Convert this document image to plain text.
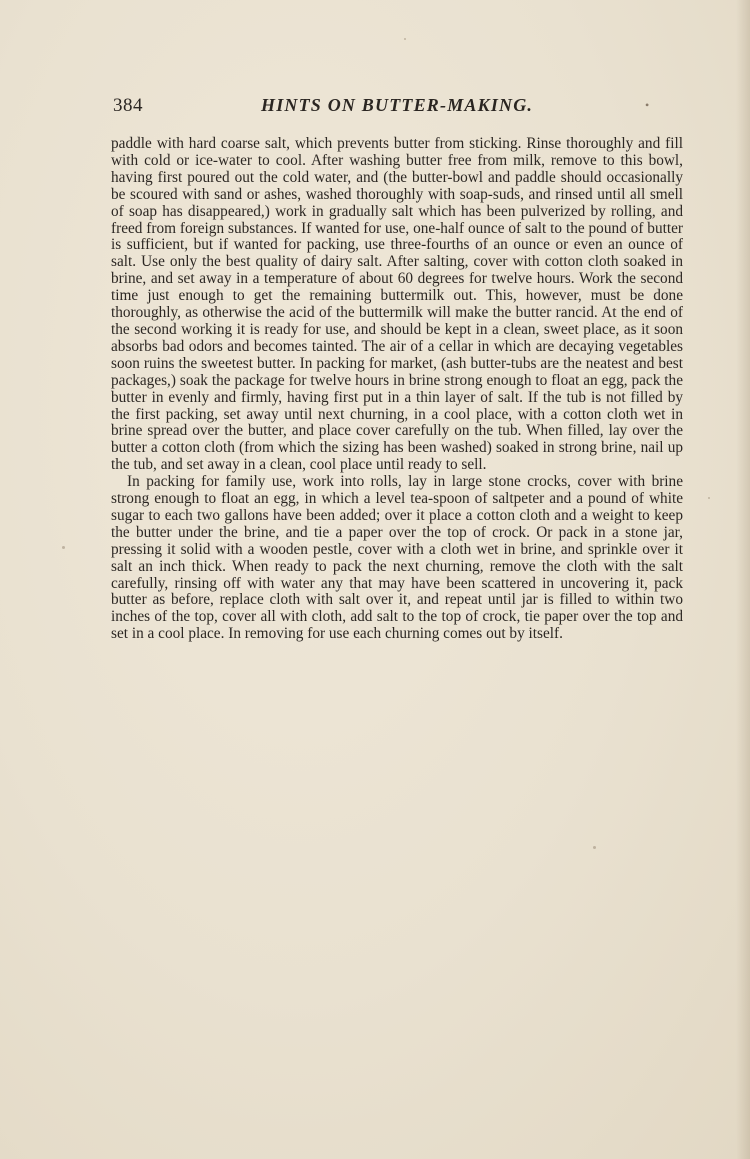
384	HINTS ON BUTTER-MAKING.	•

paddle with hard coarse salt, which prevents butter from sticking. Rinse thoroughly and fill with cold or ice-water to cool. After washing butter free from milk, remove to this bowl, having first poured out the cold water, and (the butter-bowl and paddle should occasionally be scoured with sand or ashes, washed thoroughly with soap-suds, and rinsed until all smell of soap has disappeared,) work in gradually salt which has been pulverized by rolling, and freed from foreign substances. If wanted for use, one-half ounce of salt to the pound of butter is sufficient, but if wanted for packing, use three-fourths of an ounce or even an ounce of salt. Use only the best quality of dairy salt. After salting, cover with cotton cloth soaked in brine, and set away in a temperature of about 60 degrees for twelve hours. Work the second time just enough to get the remaining buttermilk out. This, however, must be done thoroughly, as otherwise the acid of the buttermilk will make the butter rancid. At the end of the second working it is ready for use, and should be kept in a clean, sweet place, as it soon absorbs bad odors and becomes tainted. The air of a cellar in which are decaying vegetables soon ruins the sweetest butter. In packing for market, (ash butter-tubs are the neatest and best packages,) soak the package for twelve hours in brine strong enough to float an egg, pack the butter in evenly and firmly, having first put in a thin layer of salt. If the tub is not filled by the first packing, set away until next churning, in a cool place, with a cotton cloth wet in brine spread over the butter, and place cover carefully on the tub. When filled, lay over the butter a cotton cloth (from which the sizing has been washed) soaked in strong brine, nail up the tub, and set away in a clean, cool place until ready to sell.

In packing for family use, work into rolls, lay in large stone crocks, cover with brine strong enough to float an egg, in which a level tea-spoon of saltpeter and a pound of white sugar to each two gallons have been added; over it place a cotton cloth and a weight to keep the butter under the brine, and tie a paper over the top of crock. Or pack in a stone jar, pressing it solid with a wooden pestle, cover with a cloth wet in brine, and sprinkle over it salt an inch thick. When ready to pack the next churning, remove the cloth with the salt carefully, rinsing off with water any that may have been scattered in uncovering it, pack butter as before, replace cloth with salt over it, and repeat until jar is filled to within two inches of the top, cover all with cloth, add salt to the top of crock, tie paper over the top and set in a cool place. In removing for use each churning comes out by itself.
